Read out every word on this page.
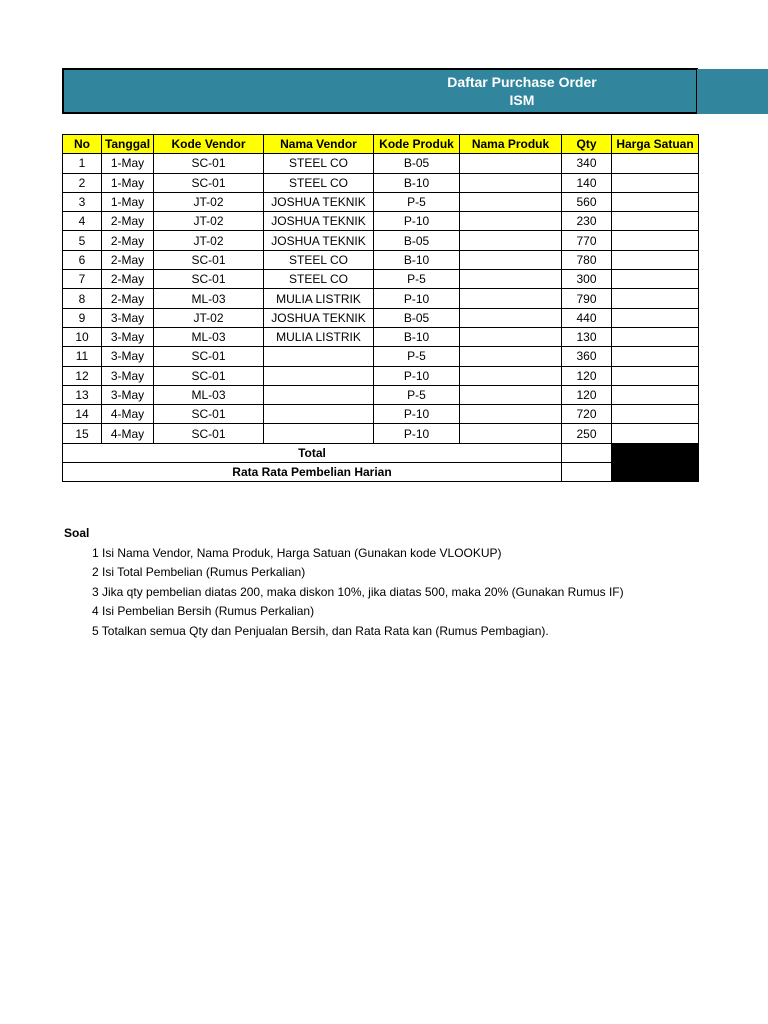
Daftar Purchase Order
ISM
No	Tanggal	Kode Vendor	Nama Vendor	Kode Produk	Nama Produk	Qty	Harga Satuan
1	1-May	SC-01	STEEL CO	B-05		340	
2	1-May	SC-01	STEEL CO	B-10		140	
3	1-May	JT-02	JOSHUA TEKNIK	P-5		560	
4	2-May	JT-02	JOSHUA TEKNIK	P-10		230	
5	2-May	JT-02	JOSHUA TEKNIK	B-05		770	
6	2-May	SC-01	STEEL CO	B-10		780	
7	2-May	SC-01	STEEL CO	P-5		300	
8	2-May	ML-03	MULIA LISTRIK	P-10		790	
9	3-May	JT-02	JOSHUA TEKNIK	B-05		440	
10	3-May	ML-03	MULIA LISTRIK	B-10		130	
11	3-May	SC-01		P-5		360	
12	3-May	SC-01		P-10		120	
13	3-May	ML-03		P-5		120	
14	4-May	SC-01		P-10		720	
15	4-May	SC-01		P-10		250	
Total							
Rata Rata Pembelian Harian							
Soal
1 Isi Nama Vendor, Nama Produk, Harga Satuan (Gunakan kode VLOOKUP)
2 Isi Total Pembelian (Rumus Perkalian)
3 Jika qty pembelian diatas 200, maka diskon 10%, jika diatas 500, maka 20% (Gunakan Rumus IF)
4 Isi Pembelian Bersih (Rumus Perkalian)
5 Totalkan semua Qty dan Penjualan Bersih, dan Rata Rata kan (Rumus Pembagian).
